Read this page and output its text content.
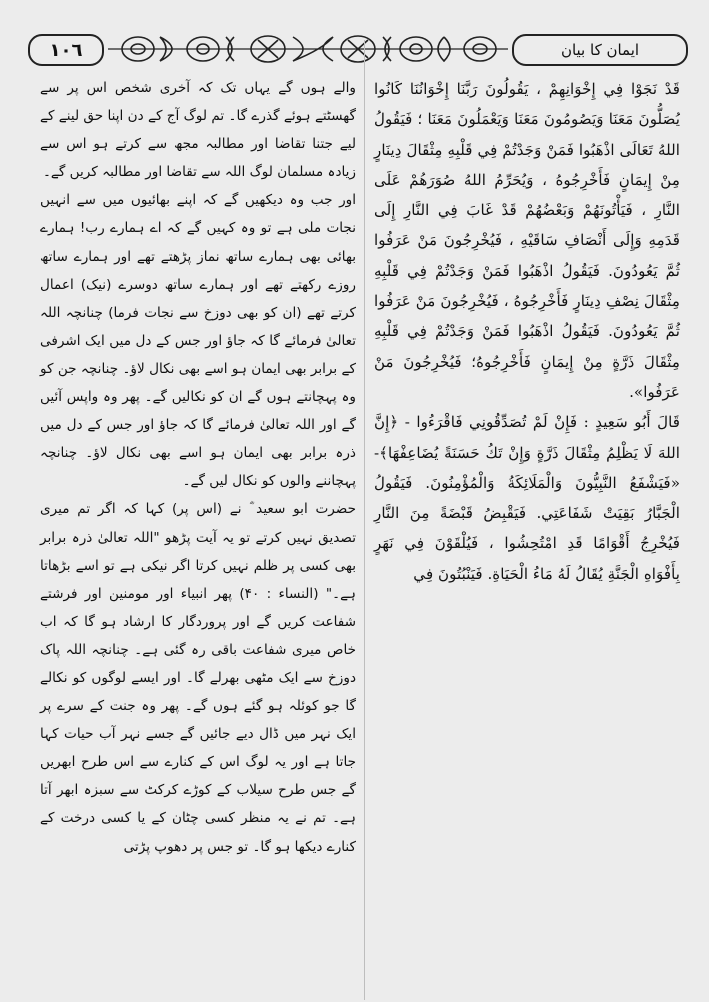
١٠٦	ایمان کا بیان

والے ہوں گے یہاں تک کہ آخری شخص اس پر سے گھسٹتے ہوئے گذرے گا۔ تم لوگ آج کے دن اپنا حق لینے کے لیے جتنا تقاضا اور مطالبہ مجھ سے کرتے ہو اس سے زیادہ مسلمان لوگ اللہ سے تقاضا اور مطالبہ کریں گے۔

اور جب وہ دیکھیں گے کہ اپنے بھائیوں میں سے انہیں نجات ملی ہے تو وہ کہیں گے کہ اے ہمارے رب! ہمارے بھائی بھی ہمارے ساتھ نماز پڑھتے تھے اور ہمارے ساتھ روزے رکھتے تھے اور ہمارے ساتھ دوسرے (نیک) اعمال کرتے تھے (ان کو بھی دوزخ سے نجات فرما) چنانچہ اللہ تعالیٰ فرمائے گا کہ جاؤ اور جس کے دل میں ایک اشرفی کے برابر بھی ایمان ہو اسے بھی نکال لاؤ۔ چنانچہ جن کو وہ پہچانتے ہوں گے ان کو نکالیں گے۔ پھر وہ واپس آئیں گے اور اللہ تعالیٰ فرمائے گا کہ جاؤ اور جس کے دل میں ذرہ برابر بھی ایمان ہو اسے بھی نکال لاؤ۔ چنانچہ پہچاننے والوں کو نکال لیں گے۔

حضرت ابو سعید ؓ نے (اس پر) کہا کہ اگر تم میری تصدیق نہیں کرتے تو یہ آیت پڑھو "اللہ تعالیٰ ذرہ برابر بھی کسی پر ظلم نہیں کرتا اگر نیکی ہے تو اسے بڑھاتا ہے۔" (النساء : ۴۰) پھر انبیاء اور مومنین اور فرشتے شفاعت کریں گے اور پروردگار کا ارشاد ہو گا کہ اب خاص میری شفاعت باقی رہ گئی ہے۔ چنانچہ اللہ پاک دوزخ سے ایک مٹھی بھرلے گا۔ اور ایسے لوگوں کو نکالے گا جو کوئلہ ہو گئے ہوں گے۔ پھر وہ جنت کے سرے پر ایک نہر میں ڈال دیے جائیں گے جسے نہر آب حیات کہا جاتا ہے اور یہ لوگ اس کے کنارے سے اس طرح ابھریں گے جس طرح سیلاب کے کوڑے کرکٹ سے سبزہ ابھر آتا ہے۔ تم نے یہ منظر کسی چٹان کے یا کسی درخت کے کنارے دیکھا ہو گا۔ تو جس پر دھوپ پڑتی

قَدْ نَجَوْا فِي إِخْوَانِهِمْ ، يَقُولُونَ رَبَّنَا إِخْوَانُنَا كَانُوا يُصَلُّونَ مَعَنَا وَيَصُومُونَ مَعَنَا وَيَعْمَلُونَ مَعَنَا ؛ فَيَقُولُ اللهُ تَعَالَى اذْهَبُوا فَمَنْ وَجَدْتُمْ فِي قَلْبِهِ مِثْقَالَ دِينَارٍ مِنْ إِيمَانٍ فَأَخْرِجُوهُ ، وَيُحَرِّمُ اللهُ صُوَرَهُمْ عَلَى النَّارِ ، فَيَأْتُونَهُمْ وَبَعْضُهُمْ قَدْ غَابَ فِي النَّارِ إِلَى قَدَمِهِ وَإِلَى أَنْصَافِ سَاقَيْهِ ، فَيُخْرِجُونَ مَنْ عَرَفُوا ثُمَّ يَعُودُونَ. فَيَقُولُ اذْهَبُوا فَمَنْ وَجَدْتُمْ فِي قَلْبِهِ مِثْقَالَ نِصْفِ دِينَارٍ فَأَخْرِجُوهُ ، فَيُخْرِجُونَ مَنْ عَرَفُوا ثُمَّ يَعُودُونَ. فَيَقُولُ اذْهَبُوا فَمَنْ وَجَدْتُمْ فِي قَلْبِهِ مِثْقَالَ ذَرَّةٍ مِنْ إِيمَانٍ فَأَخْرِجُوهُ؛ فَيُخْرِجُونَ مَنْ عَرَفُوا».

قَالَ أَبُو سَعِيدٍ : فَإِنْ لَمْ تُصَدِّقُونِي فَاقْرَءُوا - ﴿إِنَّ اللهَ لَا يَظْلِمُ مِثْقَالَ ذَرَّةٍ وَإِنْ تَكُ حَسَنَةً يُضَاعِفْهَا﴾- «فَيَشْفَعُ النَّبِيُّونَ وَالْمَلَائِكَةُ وَالْمُؤْمِنُونَ. فَيَقُولُ الْجَبَّارُ بَقِيَتْ شَفَاعَتِي. فَيَقْبِضُ قَبْضَةً مِنَ النَّارِ فَيُخْرِجُ أَقْوَامًا قَدِ امْتُحِشُوا ، فَيُلْقَوْنَ فِي نَهَرٍ بِأَفْوَاهِ الْجَنَّةِ يُقَالُ لَهُ مَاءُ الْحَيَاةِ. فَيَنْبُتُونَ فِي
